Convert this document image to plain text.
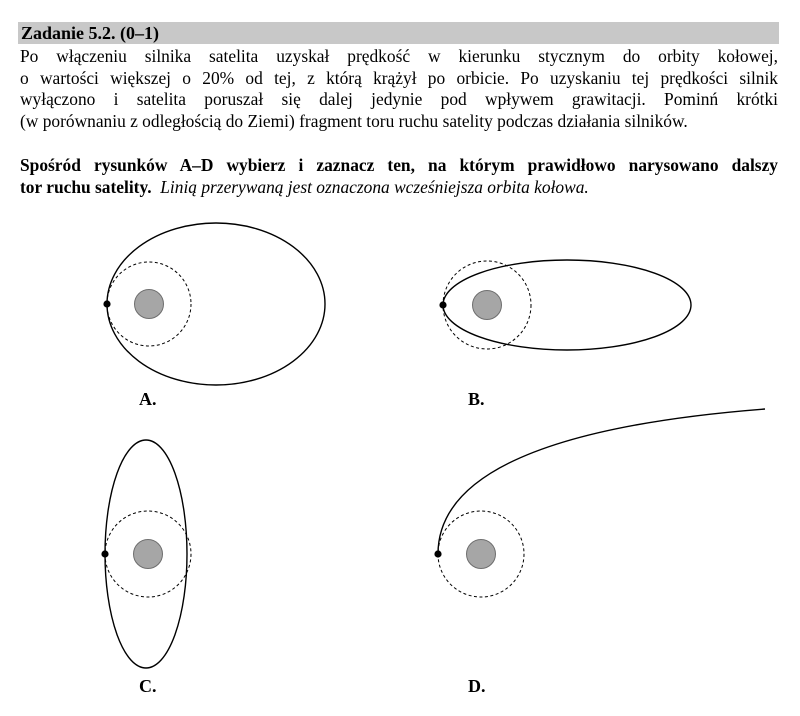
Zadanie 5.2. (0–1)
Po włączeniu silnika satelita uzyskał prędkość w kierunku stycznym do orbity kołowej,
o wartości większej o 20% od tej, z którą krążył po orbicie. Po uzyskaniu tej prędkości silnik
wyłączono i satelita poruszał się dalej jedynie pod wpływem grawitacji. Pominń krótki
(w porównaniu z odległością do Ziemi) fragment toru ruchu satelity podczas działania silników.
Spośród rysunków A–D wybierz i zaznacz ten, na którym prawidłowo narysowano dalszy
tor ruchu satelity. Linią przerywaną jest oznaczona wcześniejsza orbita kołowa.
A.	B.
C.	D.
